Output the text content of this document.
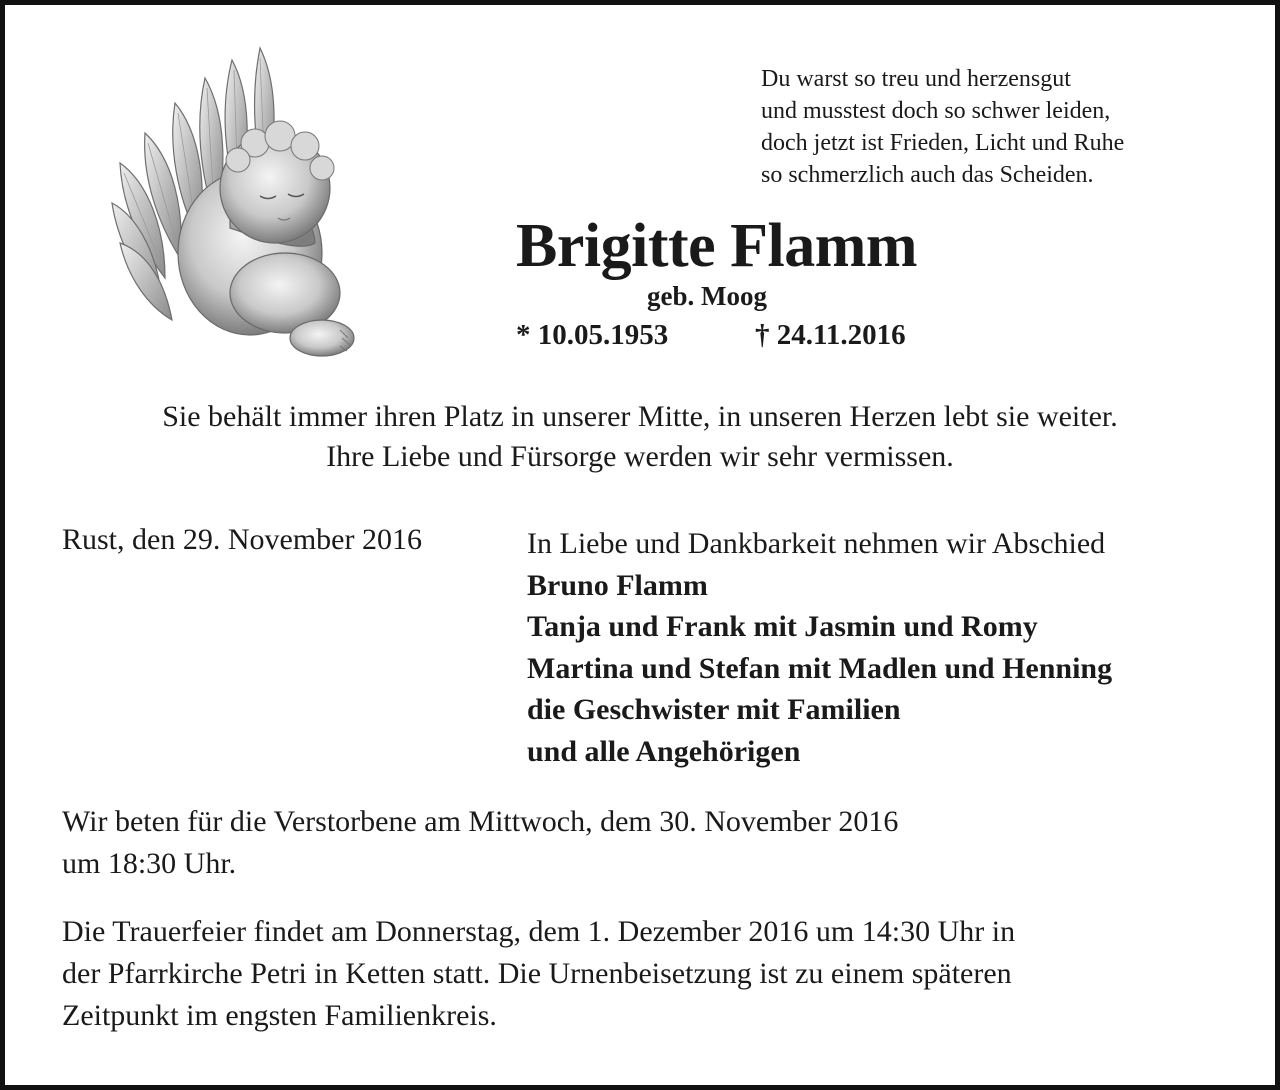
Du warst so treu und herzensgut
und musstest doch so schwer leiden,
doch jetzt ist Frieden, Licht und Ruhe
so schmerzlich auch das Scheiden.
Brigitte Flamm
geb. Moog
* 10.05.1953	† 24.11.2016
Sie behält immer ihren Platz in unserer Mitte, in unseren Herzen lebt sie weiter.
Ihre Liebe und Fürsorge werden wir sehr vermissen.
Rust, den 29. November 2016	In Liebe und Dankbarkeit nehmen wir Abschied
Bruno Flamm
Tanja und Frank mit Jasmin und Romy
Martina und Stefan mit Madlen und Henning
die Geschwister mit Familien
und alle Angehörigen
Wir beten für die Verstorbene am Mittwoch, dem 30. November 2016
um 18:30 Uhr.
Die Trauerfeier findet am Donnerstag, dem 1. Dezember 2016 um 14:30 Uhr in
der Pfarrkirche Petri in Ketten statt. Die Urnenbeisetzung ist zu einem späteren
Zeitpunkt im engsten Familienkreis.
